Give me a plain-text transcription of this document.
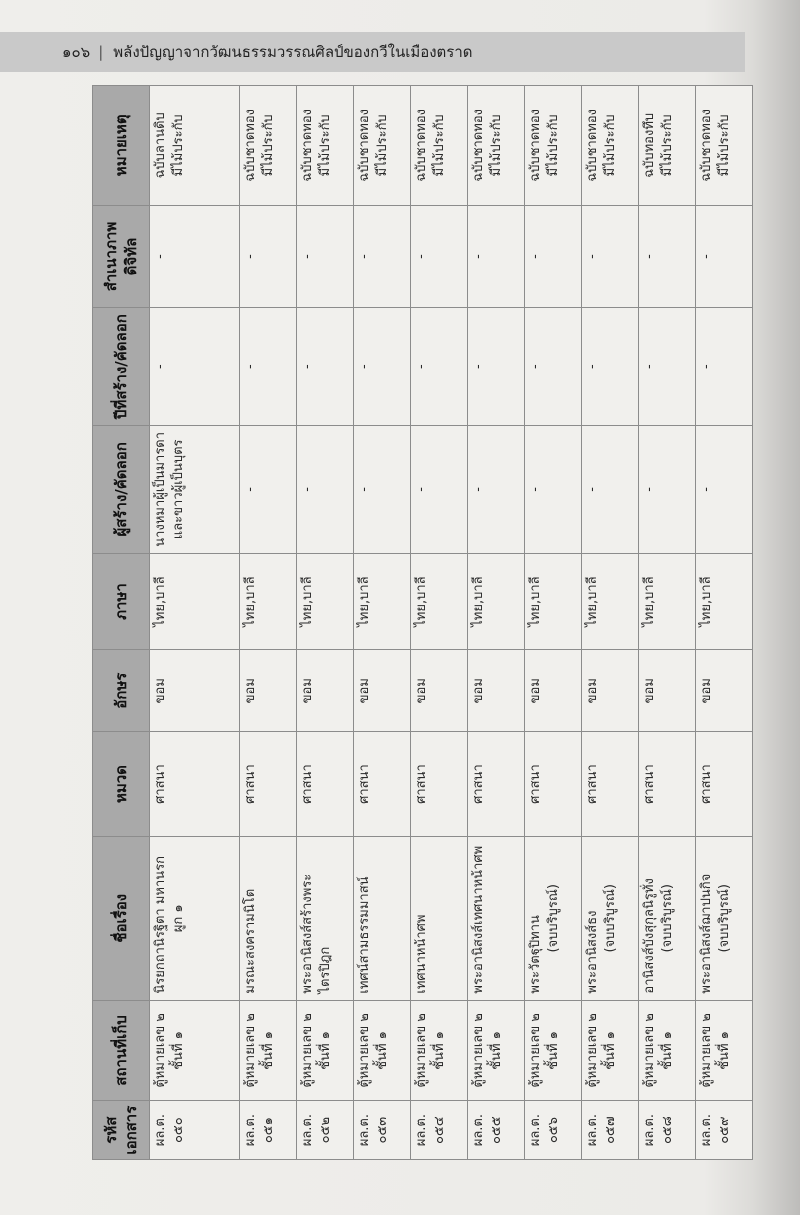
๑๐๖ | พลังปัญญาจากวัฒนธรรมวรรณศิลป์ของกวีในเมืองตราด
รหัสเอกสาร	สถานที่เก็บ	ชื่อเรื่อง	หมวด	อักษร	ภาษา	ผู้สร้าง/คัดลอก	ปีที่สร้าง/คัดลอก	สำเนาภาพดิจิทัล	หมายเหตุ

ผล.ต. ๐๕๐	ตู้หมายเลข ๒ ชั้นที่ ๑	นิรยกถานิรฐิตา มหานรก ผูก ๑	ศาสนา	ขอม	ไทย,บาลี	นางหมาผู้เป็นมารดา และขาวผู้เป็นบุตร	-	-	ฉบับลานดิบ มีไม้ประกับ

ผล.ต. ๐๕๑	ตู้หมายเลข ๒ ชั้นที่ ๑	มรณะสงครามนิโต	ศาสนา	ขอม	ไทย,บาลี	-	-	-	ฉบับชาดทอง มีไม้ประกับ

ผล.ต. ๐๕๒	ตู้หมายเลข ๒ ชั้นที่ ๑	พระอานิสงส์สร้างพระไตรปิฎก	ศาสนา	ขอม	ไทย,บาลี	-	-	-	ฉบับชาดทอง มีไม้ประกับ

ผล.ต. ๐๕๓	ตู้หมายเลข ๒ ชั้นที่ ๑	เทศน์สามธรรมมาสน์	ศาสนา	ขอม	ไทย,บาลี	-	-	-	ฉบับชาดทอง มีไม้ประกับ

ผล.ต. ๐๕๔	ตู้หมายเลข ๒ ชั้นที่ ๑	เทศนาหน้าศพ	ศาสนา	ขอม	ไทย,บาลี	-	-	-	ฉบับชาดทอง มีไม้ประกับ

ผล.ต. ๐๕๕	ตู้หมายเลข ๒ ชั้นที่ ๑	พระอานิสงส์เทศนาหน้าศพ	ศาสนา	ขอม	ไทย,บาลี	-	-	-	ฉบับชาดทอง มีไม้ประกับ

ผล.ต. ๐๕๖	ตู้หมายเลข ๒ ชั้นที่ ๑	พระวัตฐุปิทาน (จบบริบูรณ์)	ศาสนา	ขอม	ไทย,บาลี	-	-	-	ฉบับชาดทอง มีไม้ประกับ

ผล.ต. ๐๕๗	ตู้หมายเลข ๒ ชั้นที่ ๑	พระอานิสงส์ธง (จบบริบูรณ์)	ศาสนา	ขอม	ไทย,บาลี	-	-	-	ฉบับชาดทอง มีไม้ประกับ

ผล.ต. ๐๕๘	ตู้หมายเลข ๒ ชั้นที่ ๑	อานิสงส์บังสุกุลนิรูทั่ง (จบบริบูรณ์)	ศาสนา	ขอม	ไทย,บาลี	-	-	-	ฉบับทองทึบ มีไม้ประกับ

ผล.ต. ๐๕๙	ตู้หมายเลข ๒ ชั้นที่ ๑	พระอานิสงส์ฌาปนกิจ (จบบริบูรณ์)	ศาสนา	ขอม	ไทย,บาลี	-	-	-	ฉบับชาดทอง มีไม้ประกับ
